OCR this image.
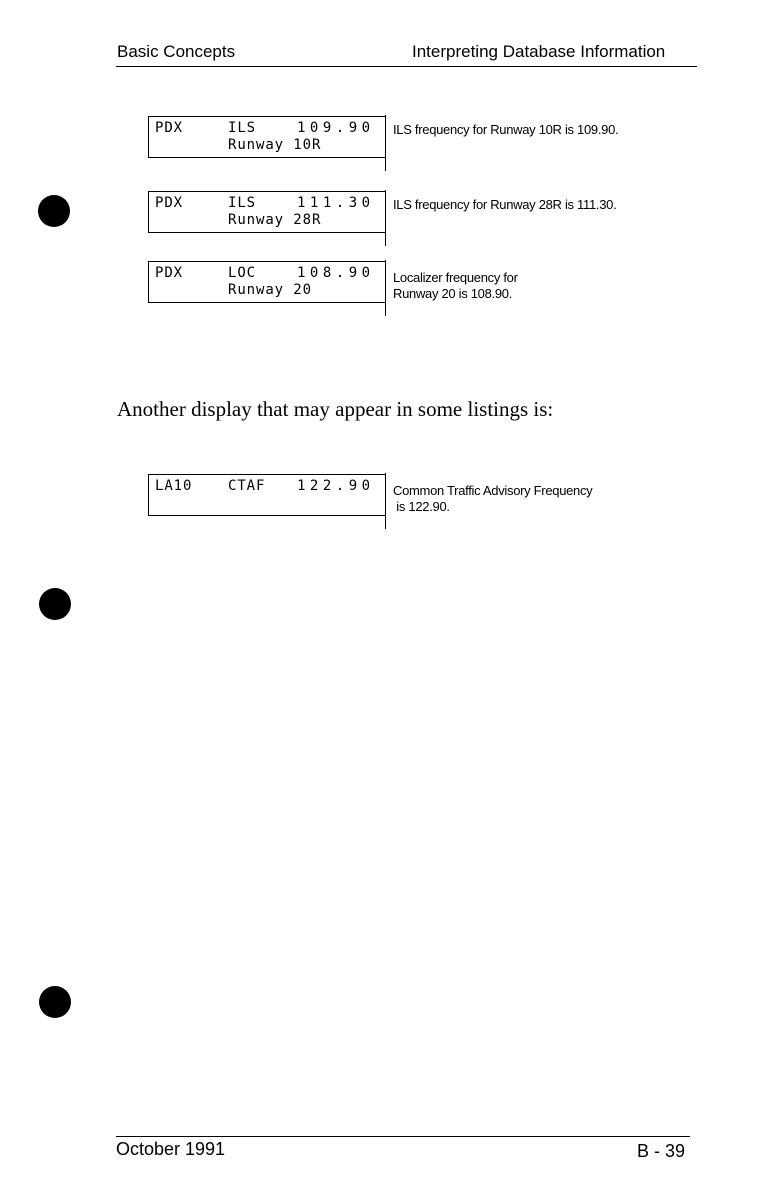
Basic Concepts	Interpreting Database Information
PDX	ILS	109.90
Runway 10R
ILS frequency for Runway 10R is 109.90.
PDX	ILS	111.30
Runway 28R
ILS frequency for Runway 28R is 111.30.
PDX	LOC	108.90
Runway 20
Localizer frequency for
Runway 20 is 108.90.
Another display that may appear in some listings is:
LA10	CTAF 122.90 Common Traffic Advisory Frequency
is 122.90.
October 1991	B - 39
